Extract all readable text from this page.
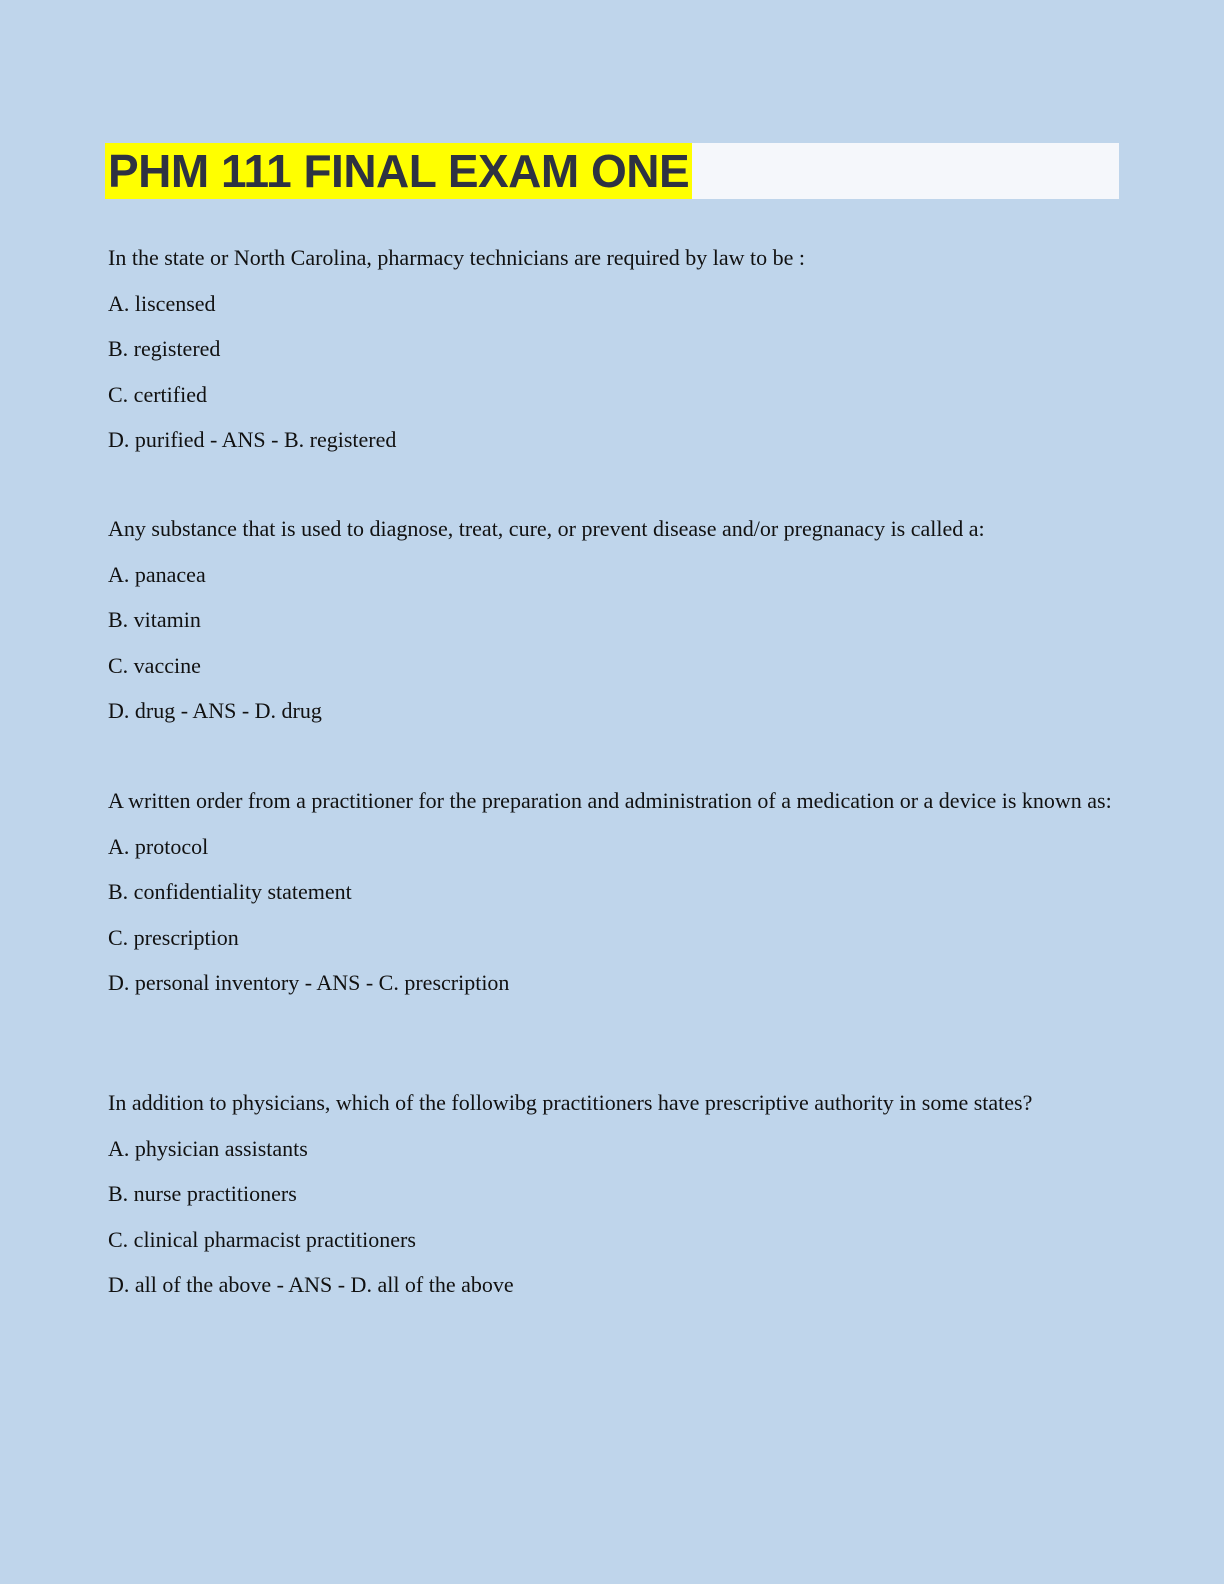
PHM 111 FINAL EXAM ONE

In the state or North Carolina, pharmacy technicians are required by law to be :

A. liscensed
B. registered
C. certified
D. purified - ANS - B. registered

Any substance that is used to diagnose, treat, cure, or prevent disease and/or pregnanacy is called a:

A. panacea
B. vitamin
C. vaccine
D. drug - ANS - D. drug

A written order from a practitioner for the preparation and administration of a medication or a device is known as:

A. protocol
B. confidentiality statement
C. prescription
D. personal inventory - ANS - C. prescription

In addition to physicians, which of the followibg practitioners have prescriptive authority in some states?

A. physician assistants
B. nurse practitioners
C. clinical pharmacist practitioners
D. all of the above - ANS - D. all of the above
